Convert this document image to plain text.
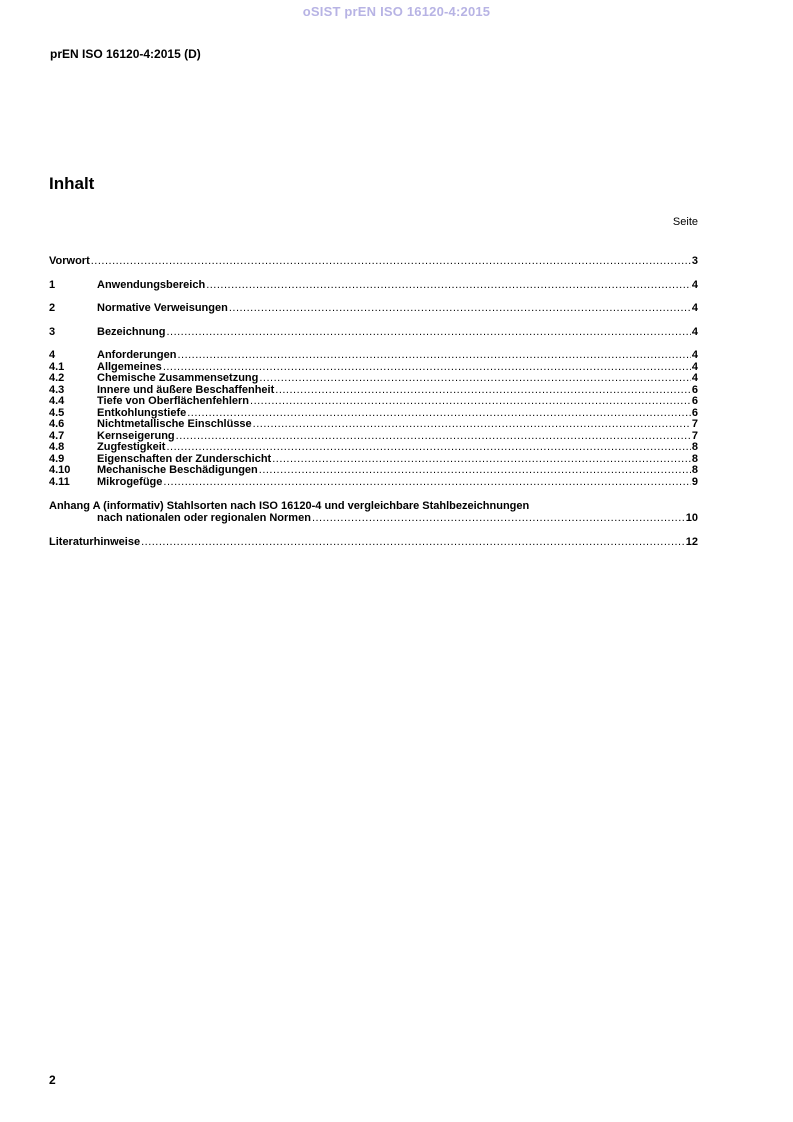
oSIST prEN ISO 16120-4:2015
prEN ISO 16120-4:2015 (D)
Inhalt
Seite
Vorwort .....	3
1	Anwendungsbereich .....	4
2	Normative Verweisungen .....	4
3	Bezeichnung .....	4
4	Anforderungen .....	4
4.1	Allgemeines .....	4
4.2	Chemische Zusammensetzung .....	4
4.3	Innere und äußere Beschaffenheit .....	6
4.4	Tiefe von Oberflächenfehlern .....	6
4.5	Entkohlungstiefe .....	6
4.6	Nichtmetallische Einschlüsse .....	7
4.7	Kernseigerung .....	7
4.8	Zugfestigkeit .....	8
4.9	Eigenschaften der Zunderschicht .....	8
4.10	Mechanische Beschädigungen .....	8
4.11	Mikrogefüge .....	9
Anhang A (informativ) Stahlsorten nach ISO 16120-4 und vergleichbare Stahlbezeichnungen
nach nationalen oder regionalen Normen .....	10
Literaturhinweise .....	12
2
